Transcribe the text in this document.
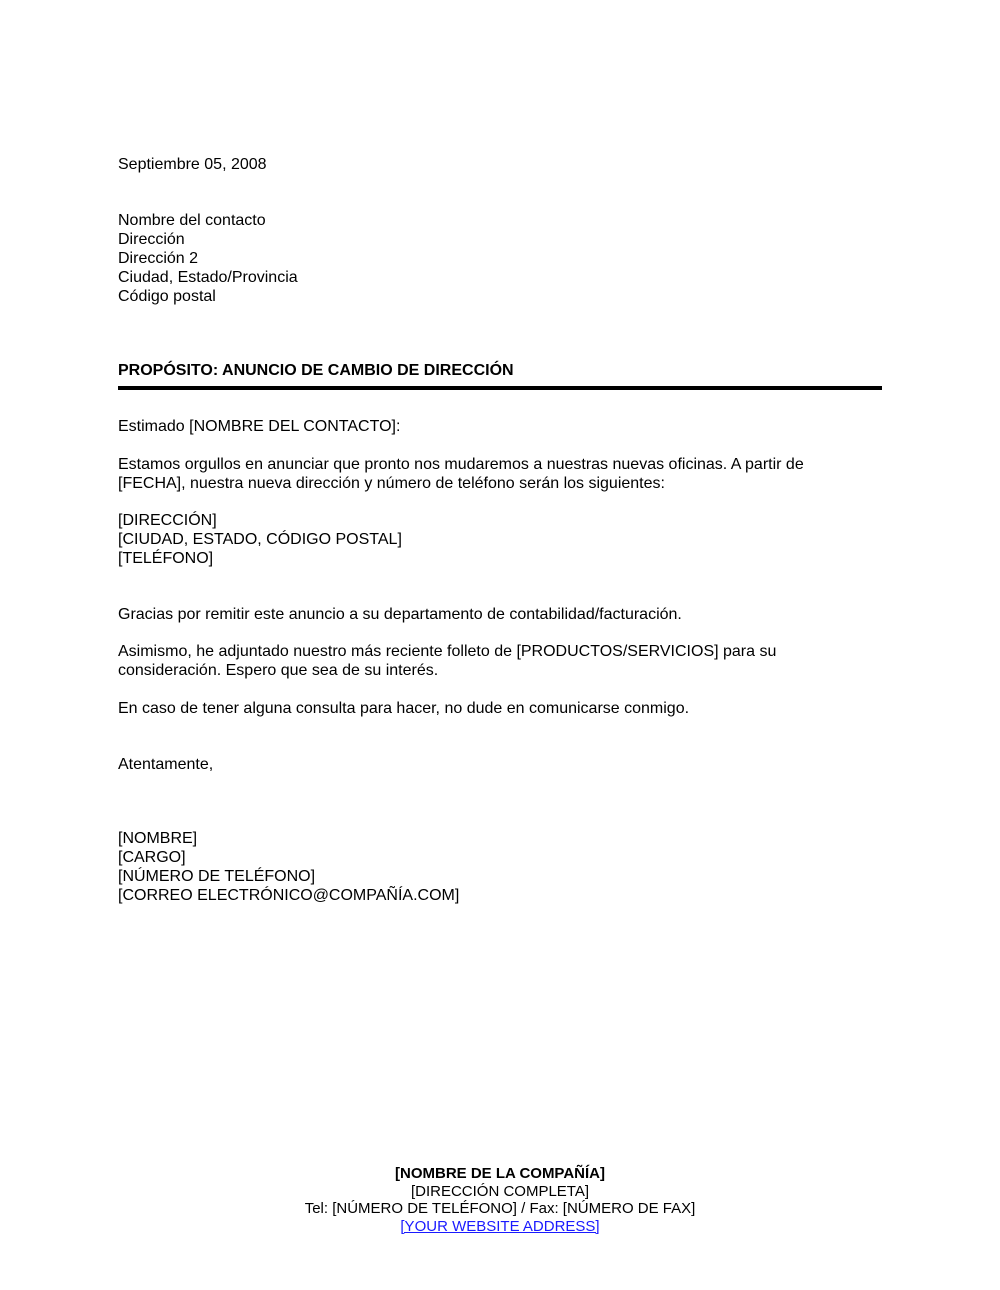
Septiembre 05, 2008
Nombre del contacto
Dirección
Dirección 2
Ciudad, Estado/Provincia
Código postal
PROPÓSITO: ANUNCIO DE CAMBIO DE DIRECCIÓN
Estimado [NOMBRE DEL CONTACTO]:
Estamos orgullos en anunciar que pronto nos mudaremos a nuestras nuevas oficinas. A partir de
[FECHA], nuestra nueva dirección y número de teléfono serán los siguientes:
[DIRECCIÓN]
[CIUDAD, ESTADO, CÓDIGO POSTAL]
[TELÉFONO]
Gracias por remitir este anuncio a su departamento de contabilidad/facturación.
Asimismo, he adjuntado nuestro más reciente folleto de [PRODUCTOS/SERVICIOS] para su
consideración. Espero que sea de su interés.
En caso de tener alguna consulta para hacer, no dude en comunicarse conmigo.
Atentamente,
[NOMBRE]
[CARGO]
[NÚMERO DE TELÉFONO]
[CORREO ELECTRÓNICO@COMPAÑÍA.COM]
[NOMBRE DE LA COMPAÑÍA]
[DIRECCIÓN COMPLETA]
Tel: [NÚMERO DE TELÉFONO] / Fax: [NÚMERO DE FAX]
[YOUR WEBSITE ADDRESS]
